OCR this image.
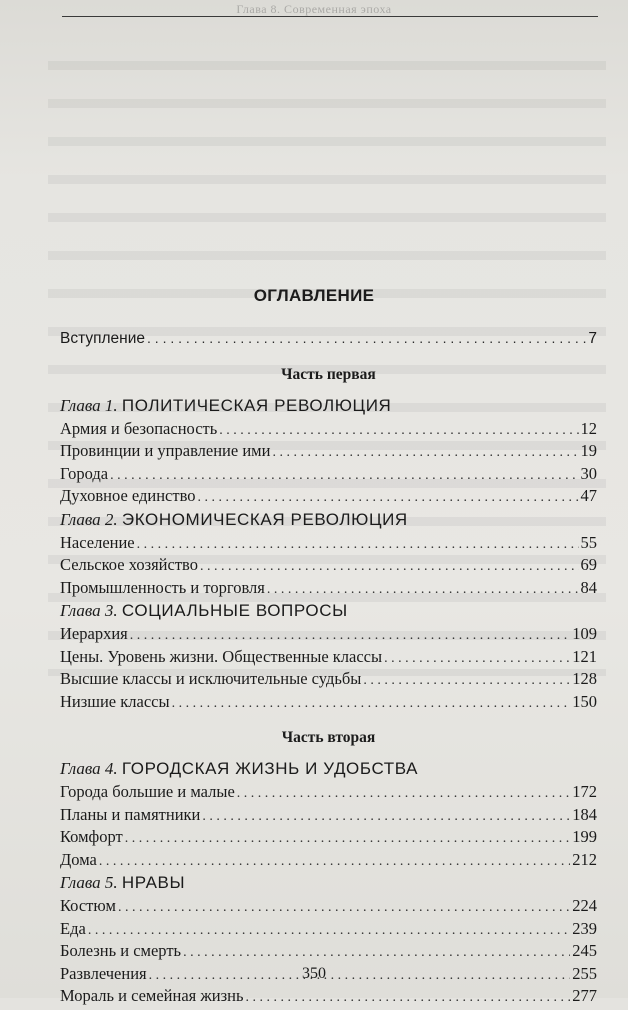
Глава 8. Современная эпоха
ОГЛАВЛЕНИЕ
Вступление . . .	7
Часть первая
Глава 1. ПОЛИТИЧЕСКАЯ РЕВОЛЮЦИЯ
Армия и безопасность . . .	12
Провинции и управление ими . . .	19
Города . . .	30
Духовное единство . . .	47
Глава 2. ЭКОНОМИЧЕСКАЯ РЕВОЛЮЦИЯ
Население . . .	55
Сельское хозяйство . . .	69
Промышленность и торговля . . .	84
Глава 3. СОЦИАЛЬНЫЕ ВОПРОСЫ
Иерархия . . .	109
Цены. Уровень жизни. Общественные классы . . .	121
Высшие классы и исключительные судьбы . . .	128
Низшие классы . . .	150
Часть вторая
Глава 4. ГОРОДСКАЯ ЖИЗНЬ И УДОБСТВА
Города большие и малые . . .	172
Планы и памятники . . .	184
Комфорт . . .	199
Дома . . .	212
Глава 5. НРАВЫ
Костюм . . .	224
Еда . . .	239
Болезнь и смерть . . .	245
Развлечения . . .	255
Мораль и семейная жизнь . . .	277
350
